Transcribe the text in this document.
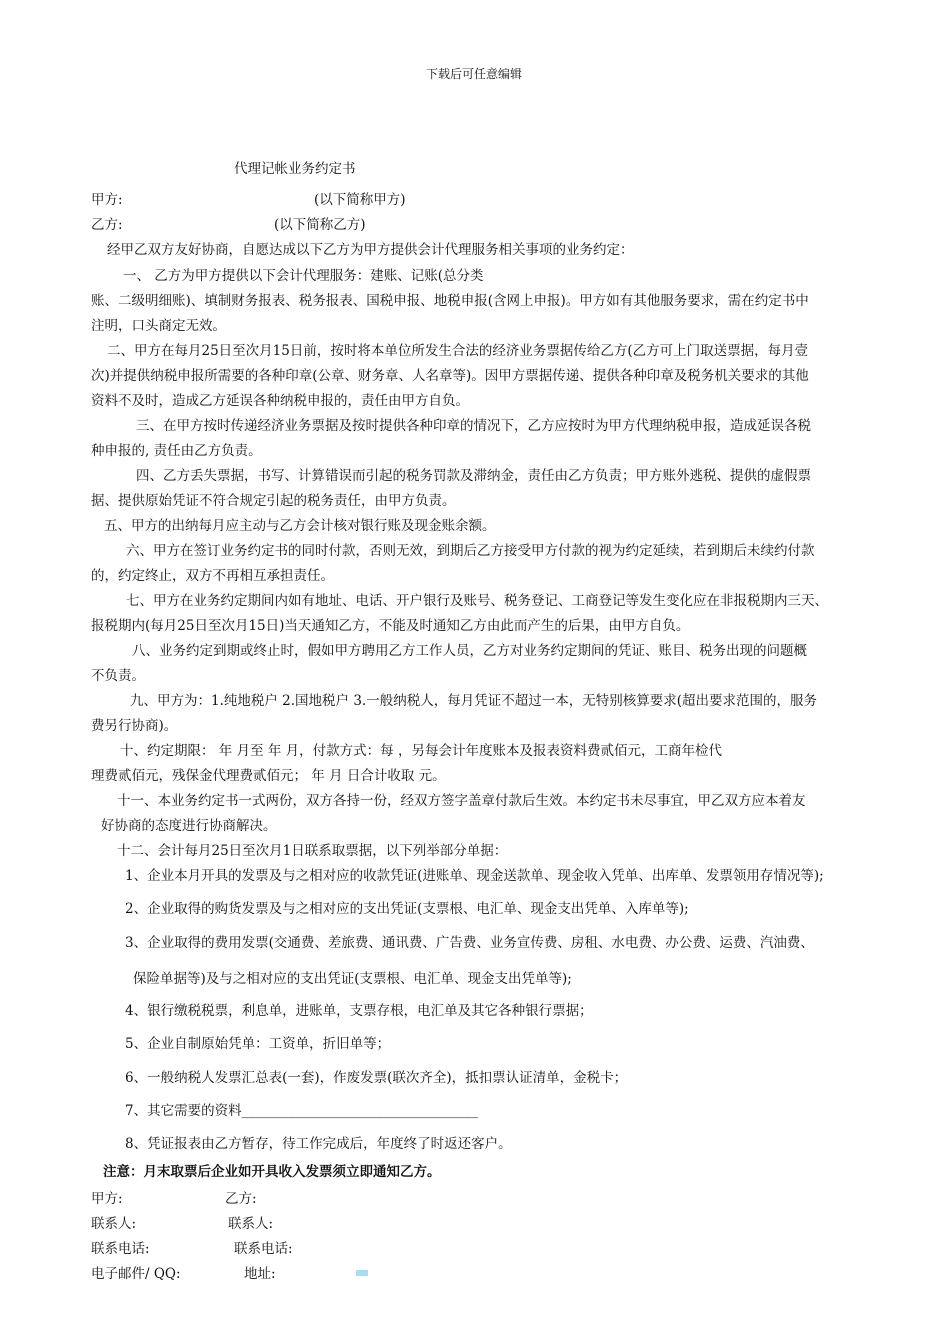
下载后可任意编辑
代理记帐业务约定书
甲方:	(以下简称甲方)
乙方:	(以下简称乙方)
经甲乙双方友好协商，自愿达成以下乙方为甲方提供会计代理服务相关事项的业务约定：
一、 乙方为甲方提供以下会计代理服务：建账、记账(总分类
账、二级明细账)、填制财务报表、税务报表、国税申报、地税申报(含网上申报)。甲方如有其他服务要求，需在约定书中
注明，口头商定无效。
二、甲方在每月25日至次月15日前，按时将本单位所发生合法的经济业务票据传给乙方(乙方可上门取送票据，每月壹
次)并提供纳税申报所需要的各种印章(公章、财务章、人名章等)。因甲方票据传递、提供各种印章及税务机关要求的其他
资料不及时，造成乙方延误各种纳税申报的，责任由甲方自负。
三、在甲方按时传递经济业务票据及按时提供各种印章的情况下，乙方应按时为甲方代理纳税申报，造成延误各税
种申报的, 责任由乙方负责。
四、乙方丢失票据，书写、计算错误而引起的税务罚款及滞纳金，责任由乙方负责；甲方账外逃税、提供的虚假票
据、提供原始凭证不符合规定引起的税务责任，由甲方负责。
五、甲方的出纳每月应主动与乙方会计核对银行账及现金账余额。
六、甲方在签订业务约定书的同时付款，否则无效，到期后乙方接受甲方付款的视为约定延续，若到期后未续约付款
的，约定终止，双方不再相互承担责任。
七、甲方在业务约定期间内如有地址、电话、开户银行及账号、税务登记、工商登记等发生变化应在非报税期内三天、
报税期内(每月25日至次月15日)当天通知乙方，不能及时通知乙方由此而产生的后果，由甲方自负。
八、业务约定到期或终止时，假如甲方聘用乙方工作人员，乙方对业务约定期间的凭证、账目、税务出现的问题概
不负责。
九、甲方为：1.纯地税户 2.国地税户 3.一般纳税人，每月凭证不超过一本，无特别核算要求(超出要求范围的，服务
费另行协商)。
十、约定期限： 年 月至 年 月，付款方式：每 ，另每会计年度账本及报表资料费贰佰元，工商年检代
理费贰佰元，残保金代理费贰佰元； 年 月 日合计收取 元。
十一、本业务约定书一式两份，双方各持一份，经双方签字盖章付款后生效。本约定书未尽事宜，甲乙双方应本着友
好协商的态度进行协商解决。
十二、会计每月25日至次月1日联系取票据，以下列举部分单据：
1、企业本月开具的发票及与之相对应的收款凭证(进账单、现金送款单、现金收入凭单、出库单、发票领用存情况等);
2、企业取得的购货发票及与之相对应的支出凭证(支票根、电汇单、现金支出凭单、入库单等);
3、企业取得的费用发票(交通费、差旅费、通讯费、广告费、业务宣传费、房租、水电费、办公费、运费、汽油费、
保险单据等)及与之相对应的支出凭证(支票根、电汇单、现金支出凭单等);
4、银行缴税税票，利息单，进账单，支票存根，电汇单及其它各种银行票据；
5、企业自制原始凭单：工资单，折旧单等；
6、一般纳税人发票汇总表(一套)，作废发票(联次齐全)，抵扣票认证清单，金税卡；
7、其它需要的资料___________________________________
8、凭证报表由乙方暂存，待工作完成后，年度终了时返还客户。
注意：月末取票后企业如开具收入发票须立即通知乙方。
甲方:	乙方:
联系人:	联系人:
联系电话:	联系电话:
电子邮件/ QQ:	地址:
